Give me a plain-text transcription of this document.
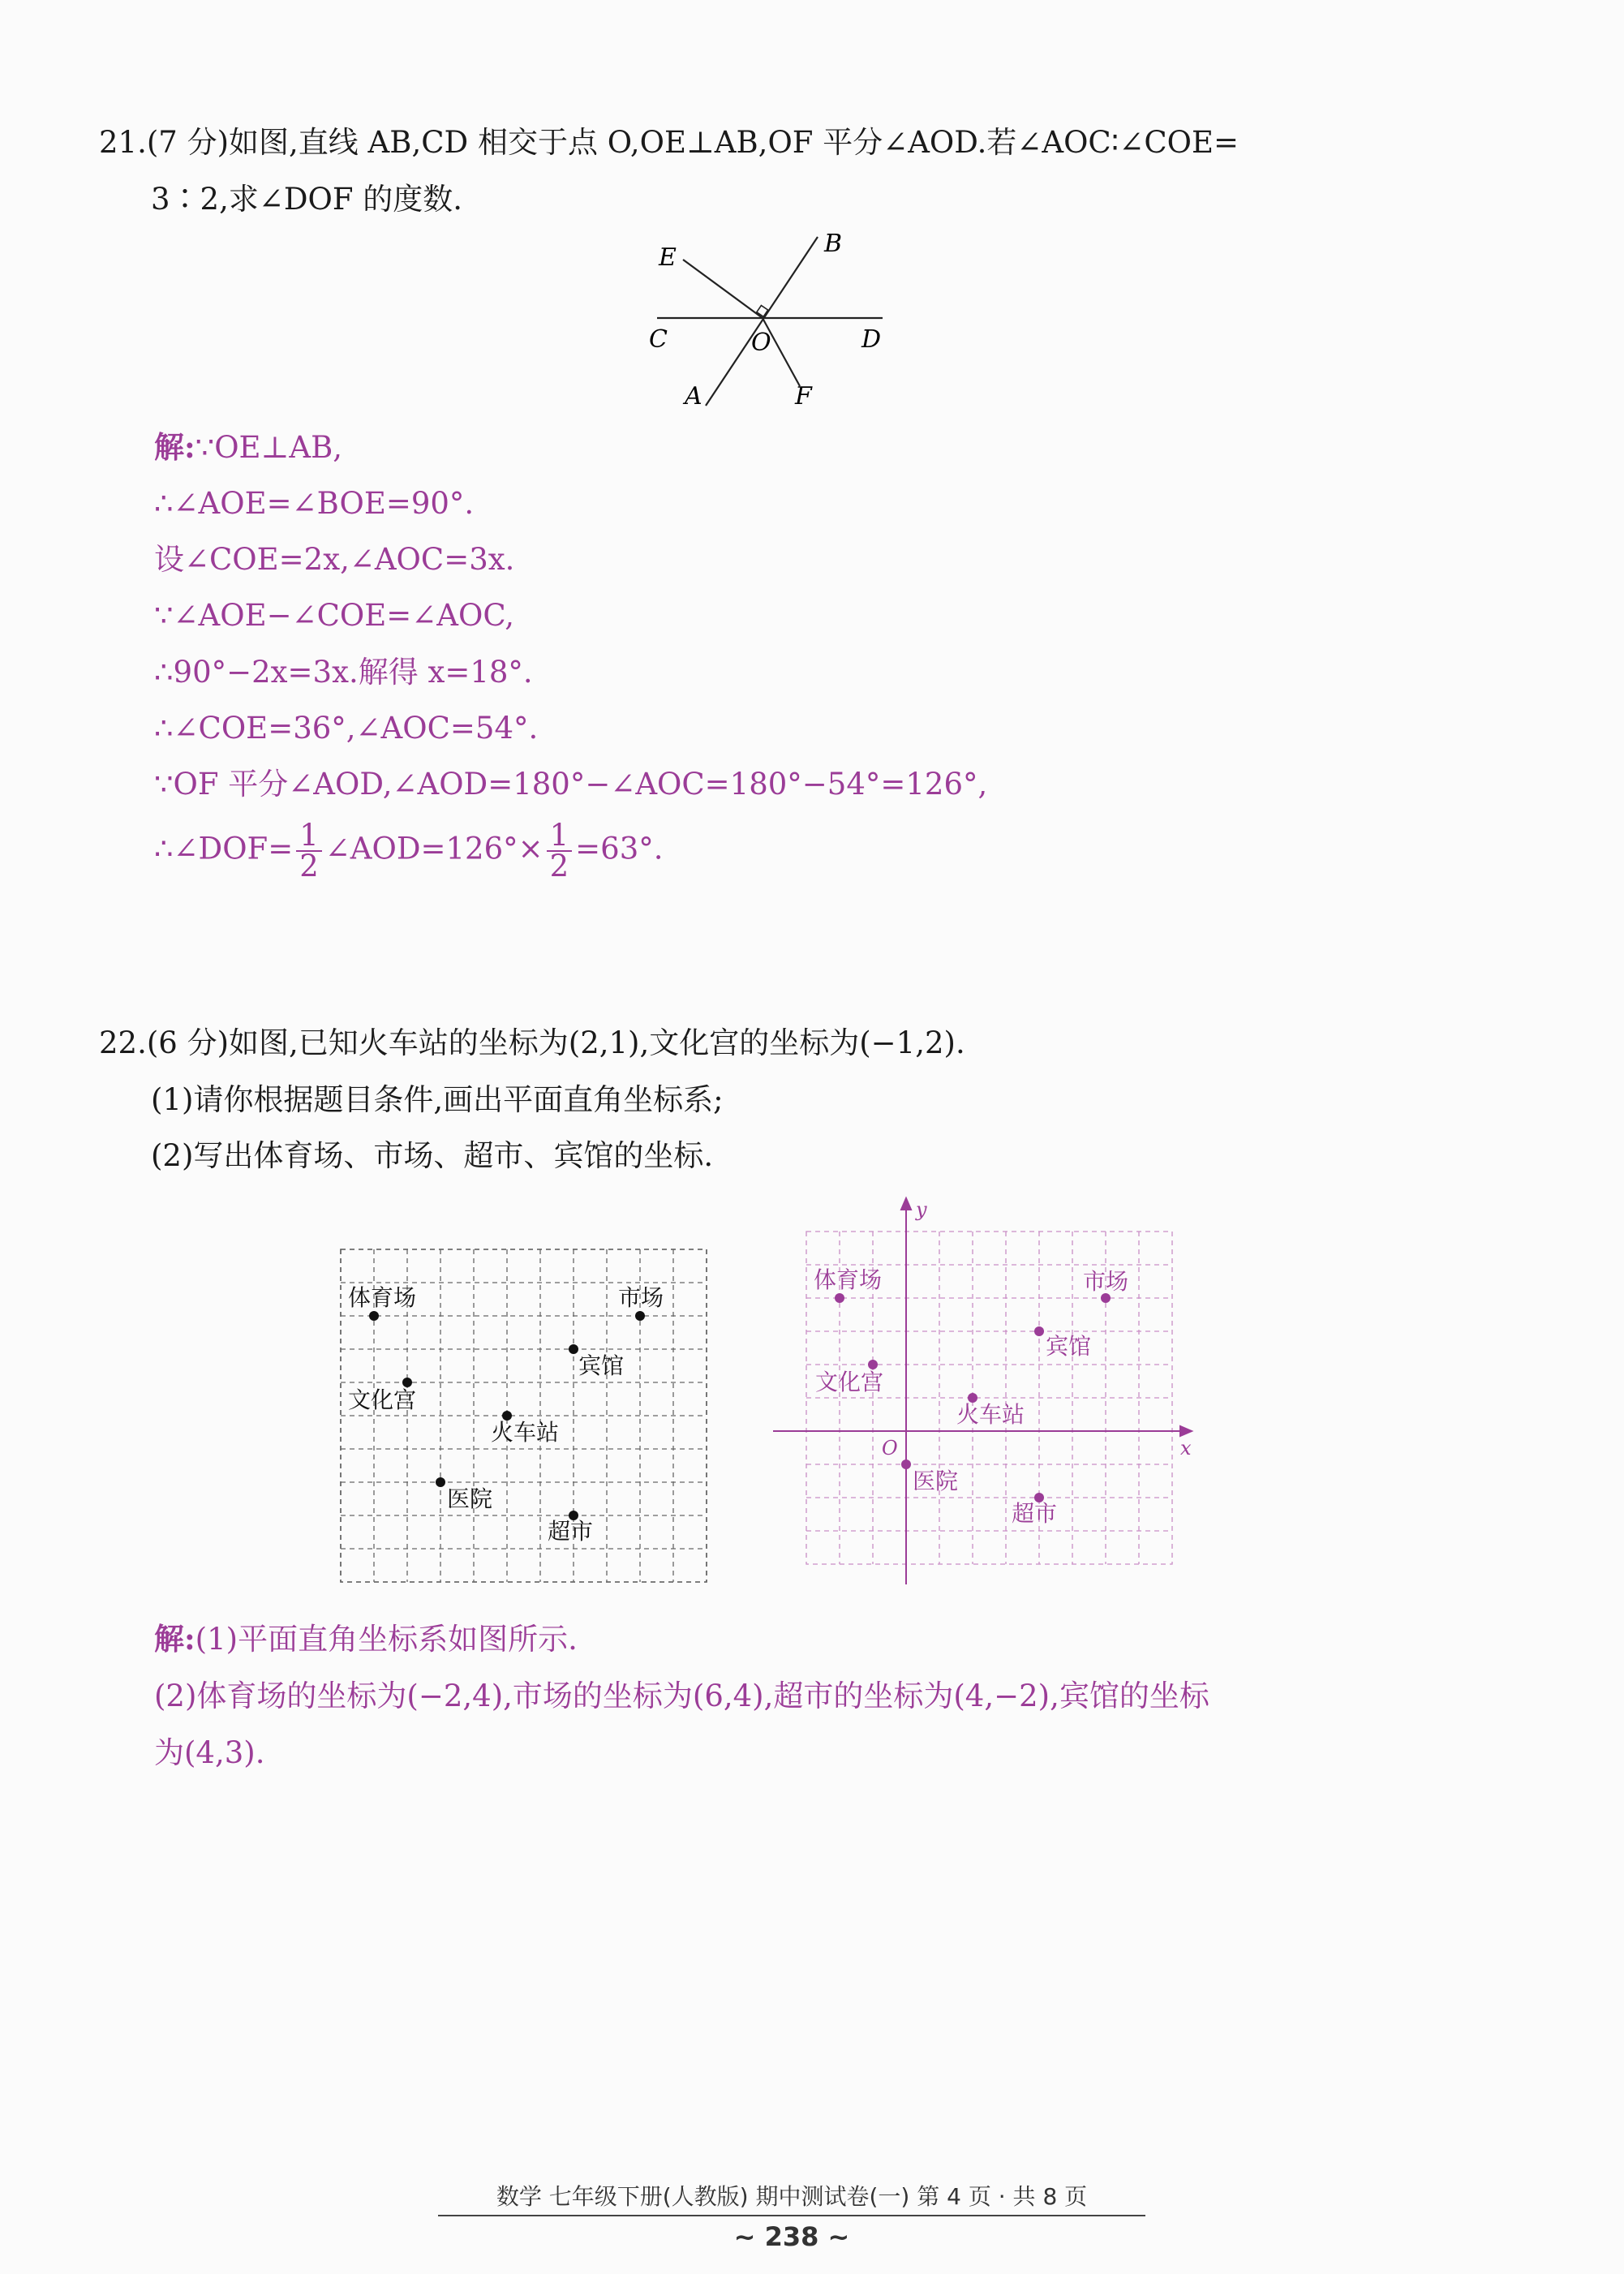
21.(7 分)如图,直线 AB,CD 相交于点 O,OE⊥AB,OF 平分∠AOD.若∠AOC∶∠COE=
3∶2,求∠DOF 的度数.
E	B
C	O	D
A	F
解:∵OE⊥AB,
∴∠AOE=∠BOE=90°.
设∠COE=2x,∠AOC=3x.
∵∠AOE−∠COE=∠AOC,
∴90°−2x=3x.解得 x=18°.
∴∠COE=36°,∠AOC=54°.
∵OF 平分∠AOD,∠AOD=180°−∠AOC=180°−54°=126°,
∴∠DOF= $\frac{1}{2}$ ∠AOD=126°× $\frac{1}{2} =63^\circ$.
22.(6 分)如图,已知火车站的坐标为(2,1),文化宫的坐标为(−1,2).
(1)请你根据题目条件,画出平面直角坐标系;
(2)写出体育场、市场、超市、宾馆的坐标.
体育场	市场
宾馆
文化宫
火车站
医院
超市
体育场	市场
宾馆
文化宫
火车站
医院
超市
y
x
O
解:(1)平面直角坐标系如图所示.
(2)体育场的坐标为(−2,4),市场的坐标为(6,4),超市的坐标为(4,−2),宾馆的坐标
为(4,3).
数学 七年级下册(人教版) 期中测试卷(一) 第 4 页 · 共 8 页
~ 238 ~
